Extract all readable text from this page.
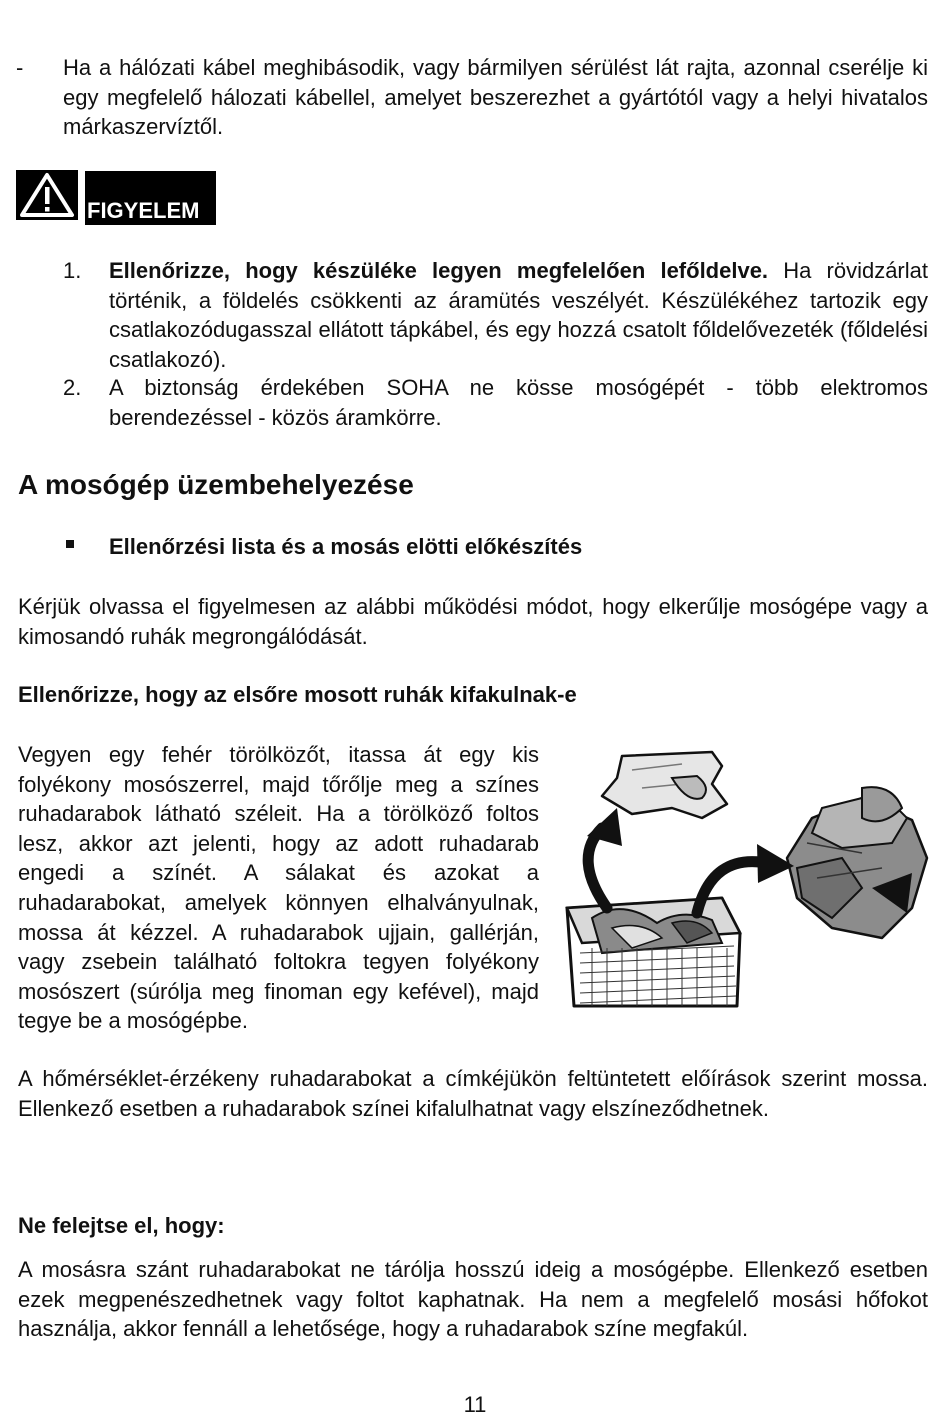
- Ha a hálózati kábel meghibásodik, vagy bármilyen sérülést lát rajta, azonnal cserélje ki egy megfelelő hálozati kábellel, amelyet beszerezhet a gyártótól vagy a helyi hivatalos márkaszervíztől.
FIGYELEM
1. Ellenőrizze, hogy készüléke legyen megfelelően lefőldelve. Ha rövidzárlat történik, a földelés csökkenti az áramütés veszélyét. Készülékéhez tartozik egy csatlakozódugasszal ellátott tápkábel, és egy hozzá csatolt főldelővezeték (főldelési csatlakozó).
2. A biztonság érdekében SOHA ne kösse mosógépét - több elektromos berendezéssel - közös áramkörre.
A mosógép üzembehelyezése
Ellenőrzési lista és a mosás elötti előkészítés
Kérjük olvassa el figyelmesen az alábbi működési módot, hogy elkerűlje mosógépe vagy a kimosandó ruhák megrongálódását.
Ellenőrizze, hogy az elsőre mosott ruhák kifakulnak-e
Vegyen egy fehér törölközőt, itassa át egy kis folyékony mosószerrel, majd tőrőlje meg a színes ruhadarabok látható széleit. Ha a törölköző foltos lesz, akkor azt jelenti, hogy az adott ruhadarab engedi a színét. A sálakat és azokat a ruhadarabokat, amelyek könnyen elhalványulnak, mossa át kézzel. A ruhadarabok ujjain, gallérján, vagy zsebein található foltokra tegyen folyékony mosószert (súrólja meg finoman egy kefével), majd tegye be a mosógépbe.
A hőmérséklet-érzékeny ruhadarabokat a címkéjükön feltüntetett előírások szerint mossa. Ellenkező esetben a ruhadarabok színei kifalulhatnat vagy elszíneződhetnek.
Ne felejtse el, hogy:
A mosásra szánt ruhadarabokat ne tárólja hosszú ideig a mosógépbe. Ellenkező esetben ezek megpenészedhetnek vagy foltot kaphatnak. Ha nem a megfelelő mosási hőfokot használja, akkor fennáll a lehetősége, hogy a ruhadarabok színe megfakúl.
11
